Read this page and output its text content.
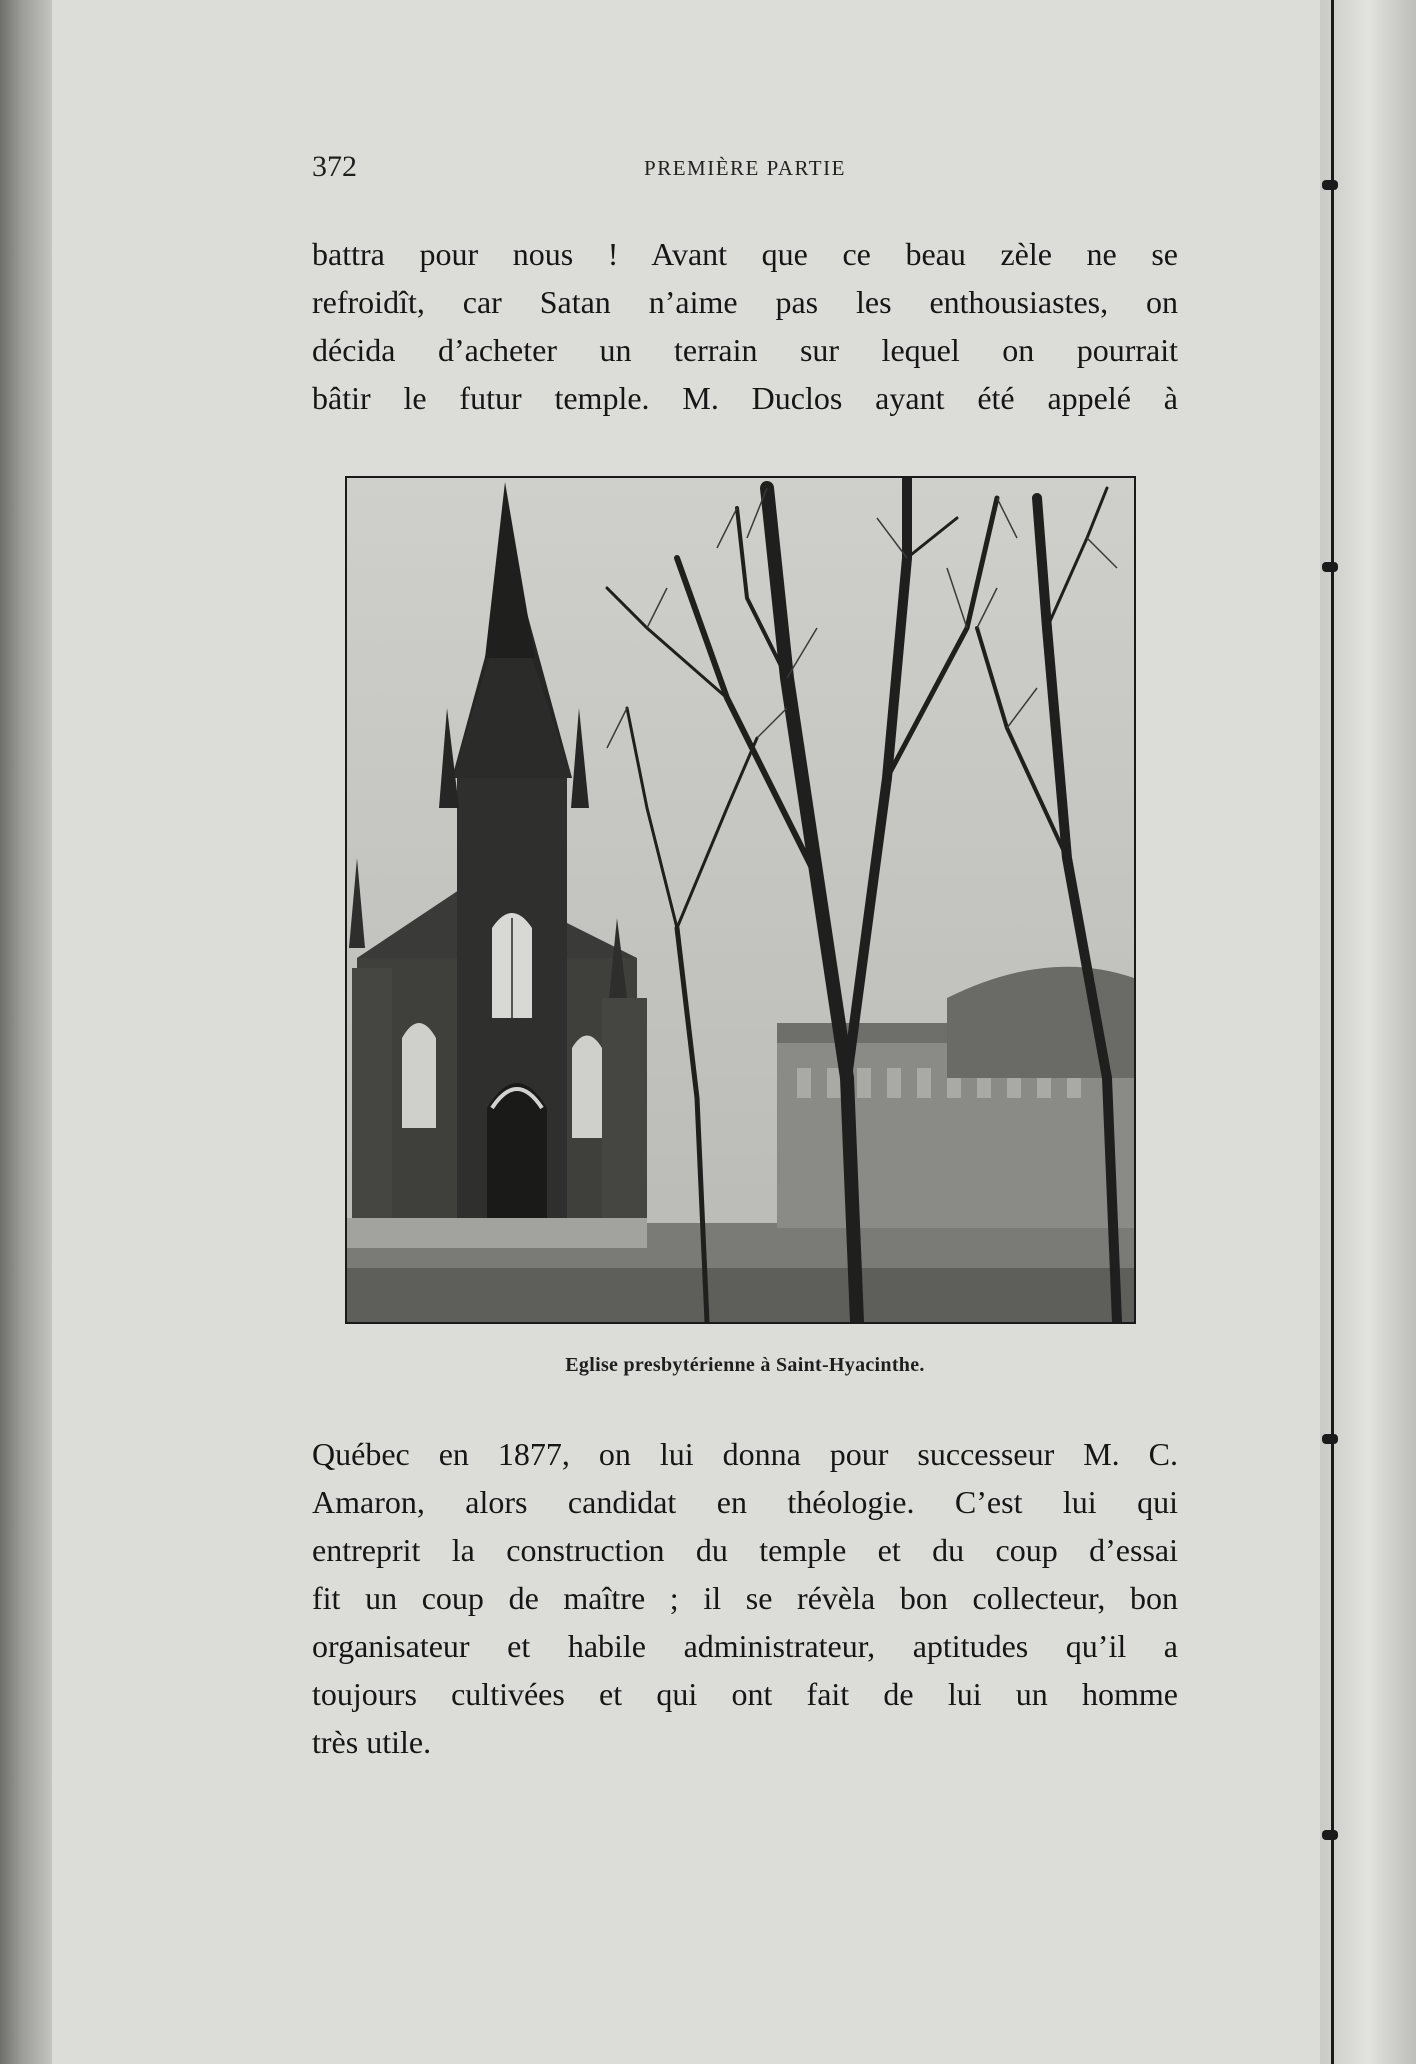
372	PREMIÈRE PARTIE

battra pour nous ! Avant que ce beau zèle ne se
refroidît, car Satan n’aime pas les enthousiastes, on
décida d’acheter un terrain sur lequel on pourrait
bâtir le futur temple. M. Duclos ayant été appelé à

Eglise presbytérienne à Saint-Hyacinthe.

Québec en 1877, on lui donna pour successeur M. C.
Amaron, alors candidat en théologie. C’est lui qui
entreprit la construction du temple et du coup d’essai
fit un coup de maître ; il se révèla bon collecteur, bon
organisateur et habile administrateur, aptitudes qu’il a
toujours cultivées et qui ont fait de lui un homme
très utile.
